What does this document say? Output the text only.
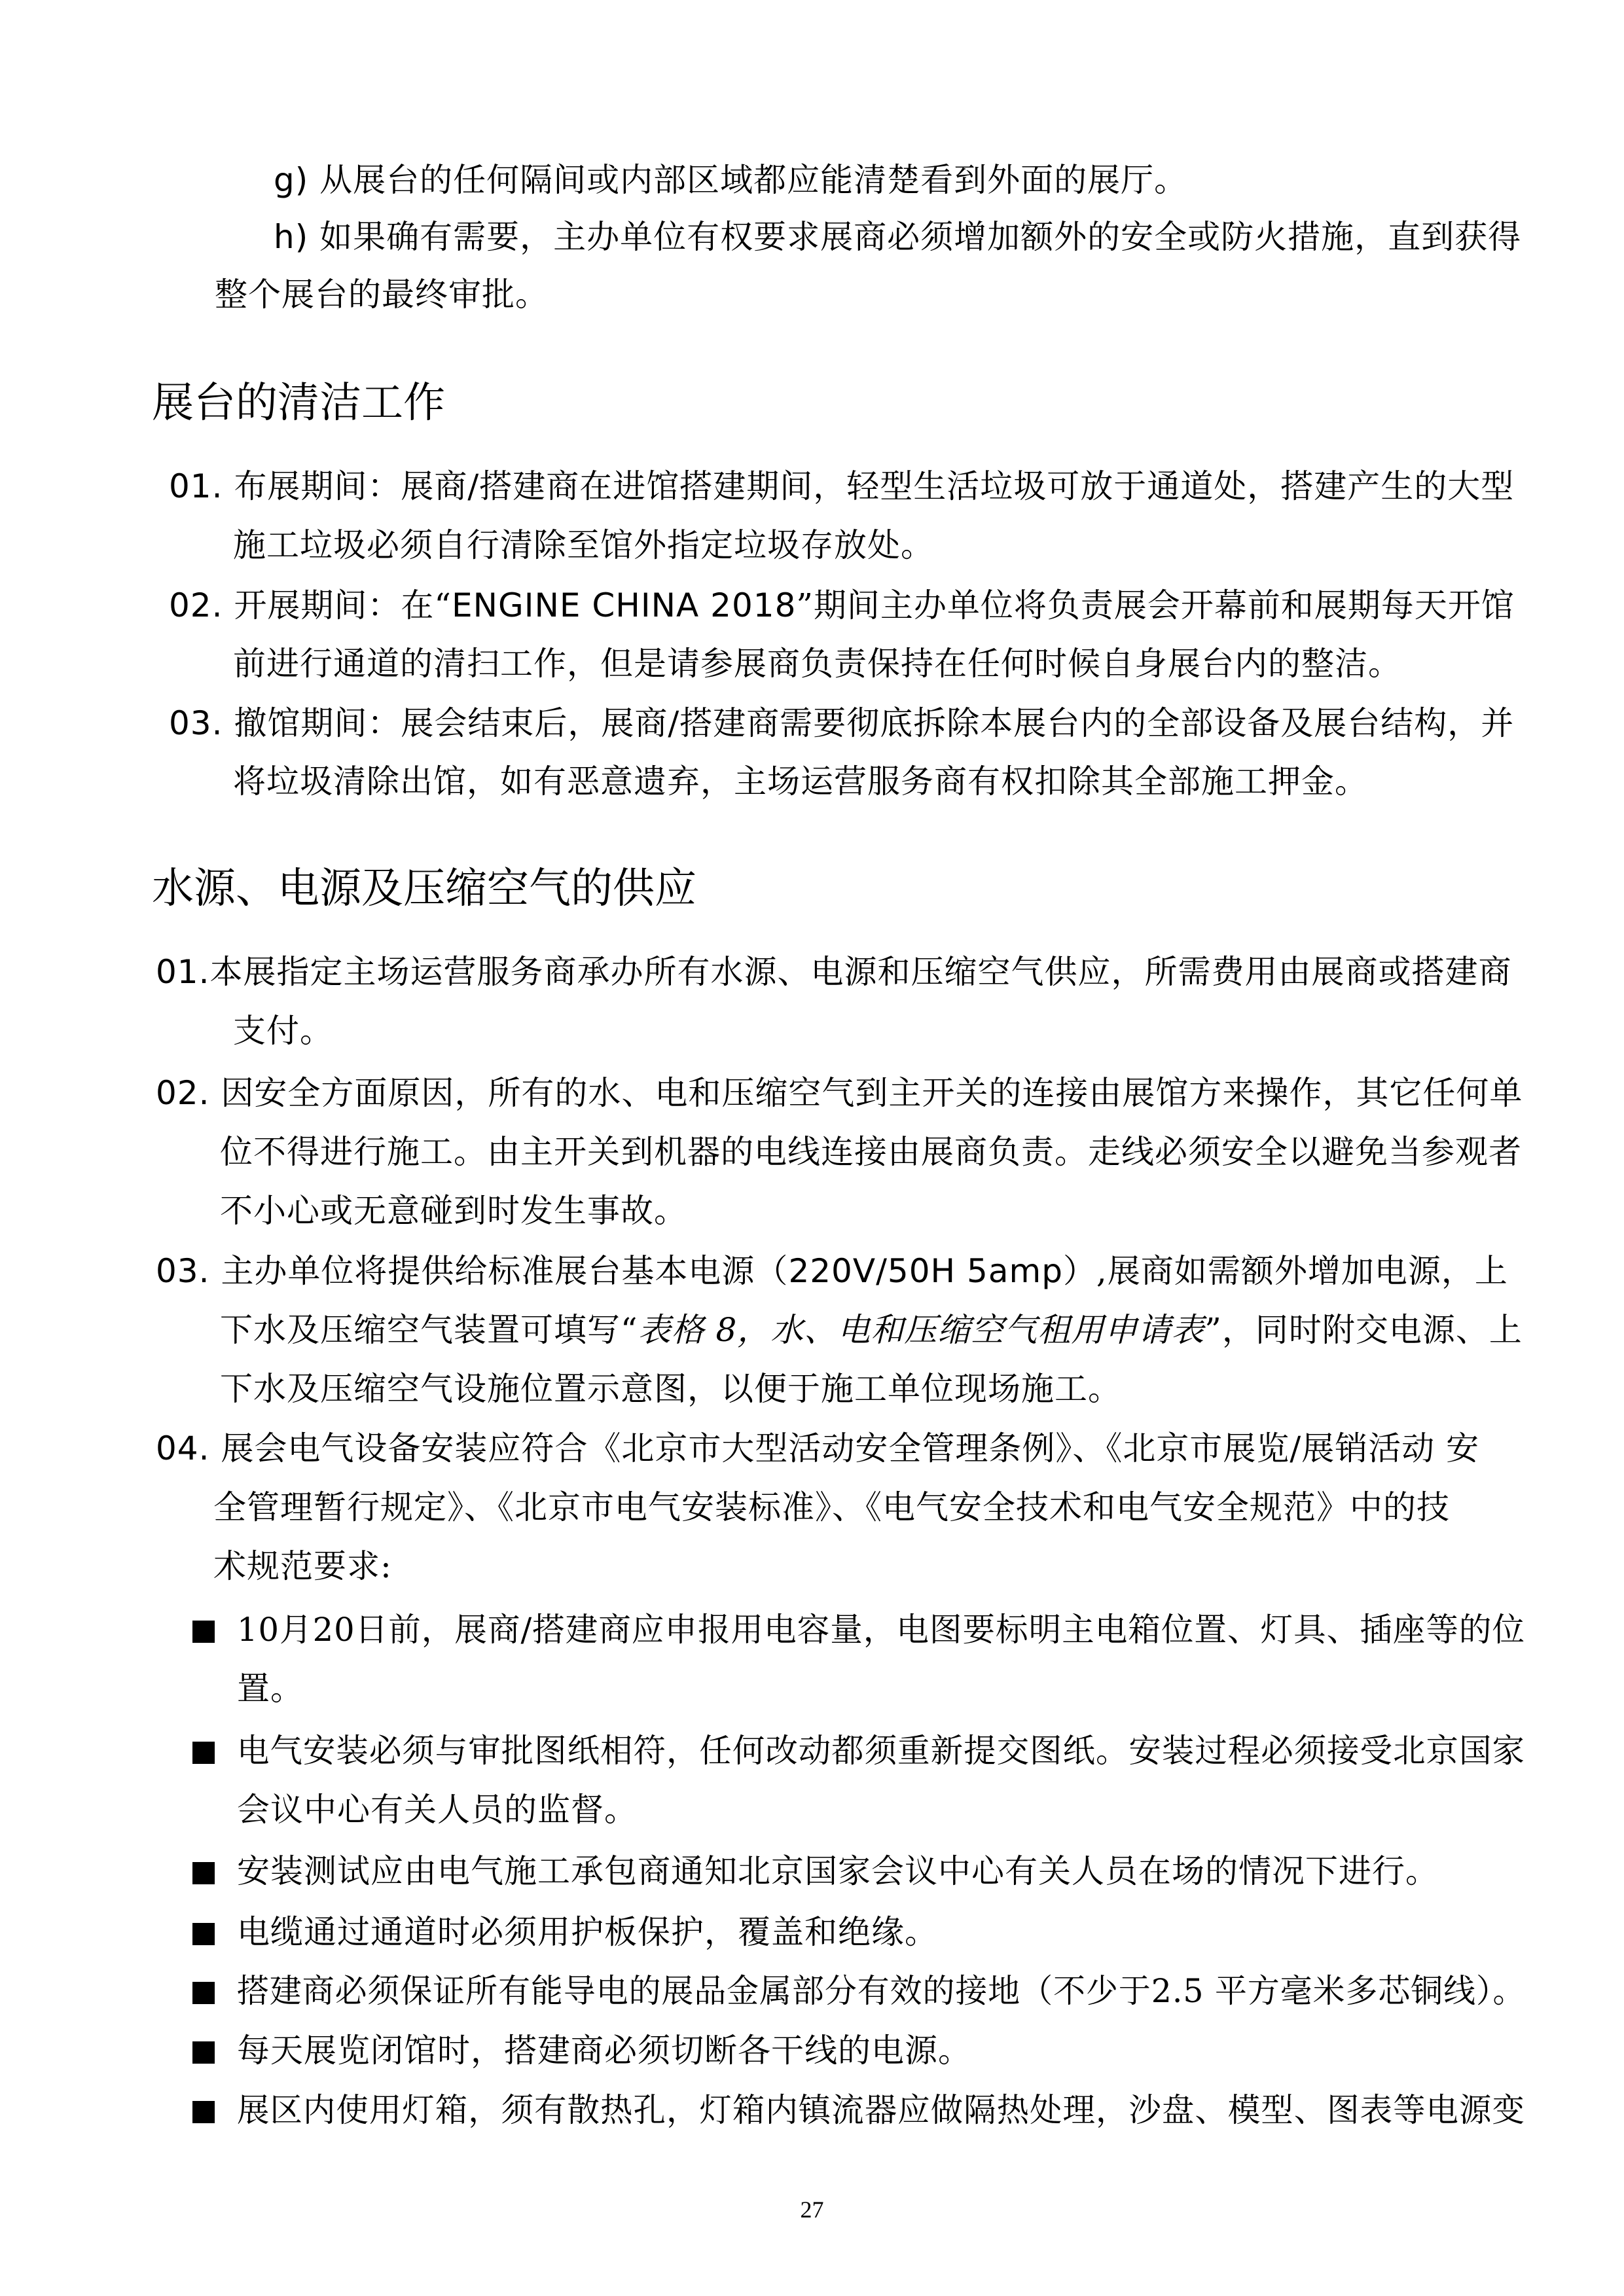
g) 从展台的任何隔间或内部区域都应能清楚看到外面的展厅。
h) 如果确有需要，主办单位有权要求展商必须增加额外的安全或防火措施，直到获得
整个展台的最终审批。
展台的清洁工作
01. 布展期间：展商/搭建商在进馆搭建期间，轻型生活垃圾可放于通道处，搭建产生的大型
施工垃圾必须自行清除至馆外指定垃圾存放处。
02. 开展期间：在“ENGINE CHINA 2018”期间主办单位将负责展会开幕前和展期每天开馆
前进行通道的清扫工作，但是请参展商负责保持在任何时候自身展台内的整洁。
03. 撤馆期间：展会结束后，展商/搭建商需要彻底拆除本展台内的全部设备及展台结构，并
将垃圾清除出馆，如有恶意遗弃，主场运营服务商有权扣除其全部施工押金。
水源、电源及压缩空气的供应
01.本展指定主场运营服务商承办所有水源、电源和压缩空气供应，所需费用由展商或搭建商
支付。
02. 因安全方面原因，所有的水、电和压缩空气到主开关的连接由展馆方来操作，其它任何单
位不得进行施工。由主开关到机器的电线连接由展商负责。走线必须安全以避免当参观者
不小心或无意碰到时发生事故。
03. 主办单位将提供给标准展台基本电源（220V/50H 5amp）,展商如需额外增加电源，上
下水及压缩空气装置可填写“表格 8，水、电和压缩空气租用申请表”，同时附交电源、上
下水及压缩空气设施位置示意图，以便于施工单位现场施工。
04. 展会电气设备安装应符合《北京市大型活动安全管理条例》、《北京市展览/展销活动 安
全管理暂行规定》、《北京市电气安装标准》、《电气安全技术和电气安全规范》中的技
术规范要求:
10月20日前，展商/搭建商应申报用电容量，电图要标明主电箱位置、灯具、插座等的位
置。
电气安装必须与审批图纸相符，任何改动都须重新提交图纸。安装过程必须接受北京国家
会议中心有关人员的监督。
安装测试应由电气施工承包商通知北京国家会议中心有关人员在场的情况下进行。
电缆通过通道时必须用护板保护，覆盖和绝缘。
搭建商必须保证所有能导电的展品金属部分有效的接地（不少于2.5 平方毫米多芯铜线）。
每天展览闭馆时，搭建商必须切断各干线的电源。
展区内使用灯箱，须有散热孔，灯箱内镇流器应做隔热处理，沙盘、模型、图表等电源变
27
